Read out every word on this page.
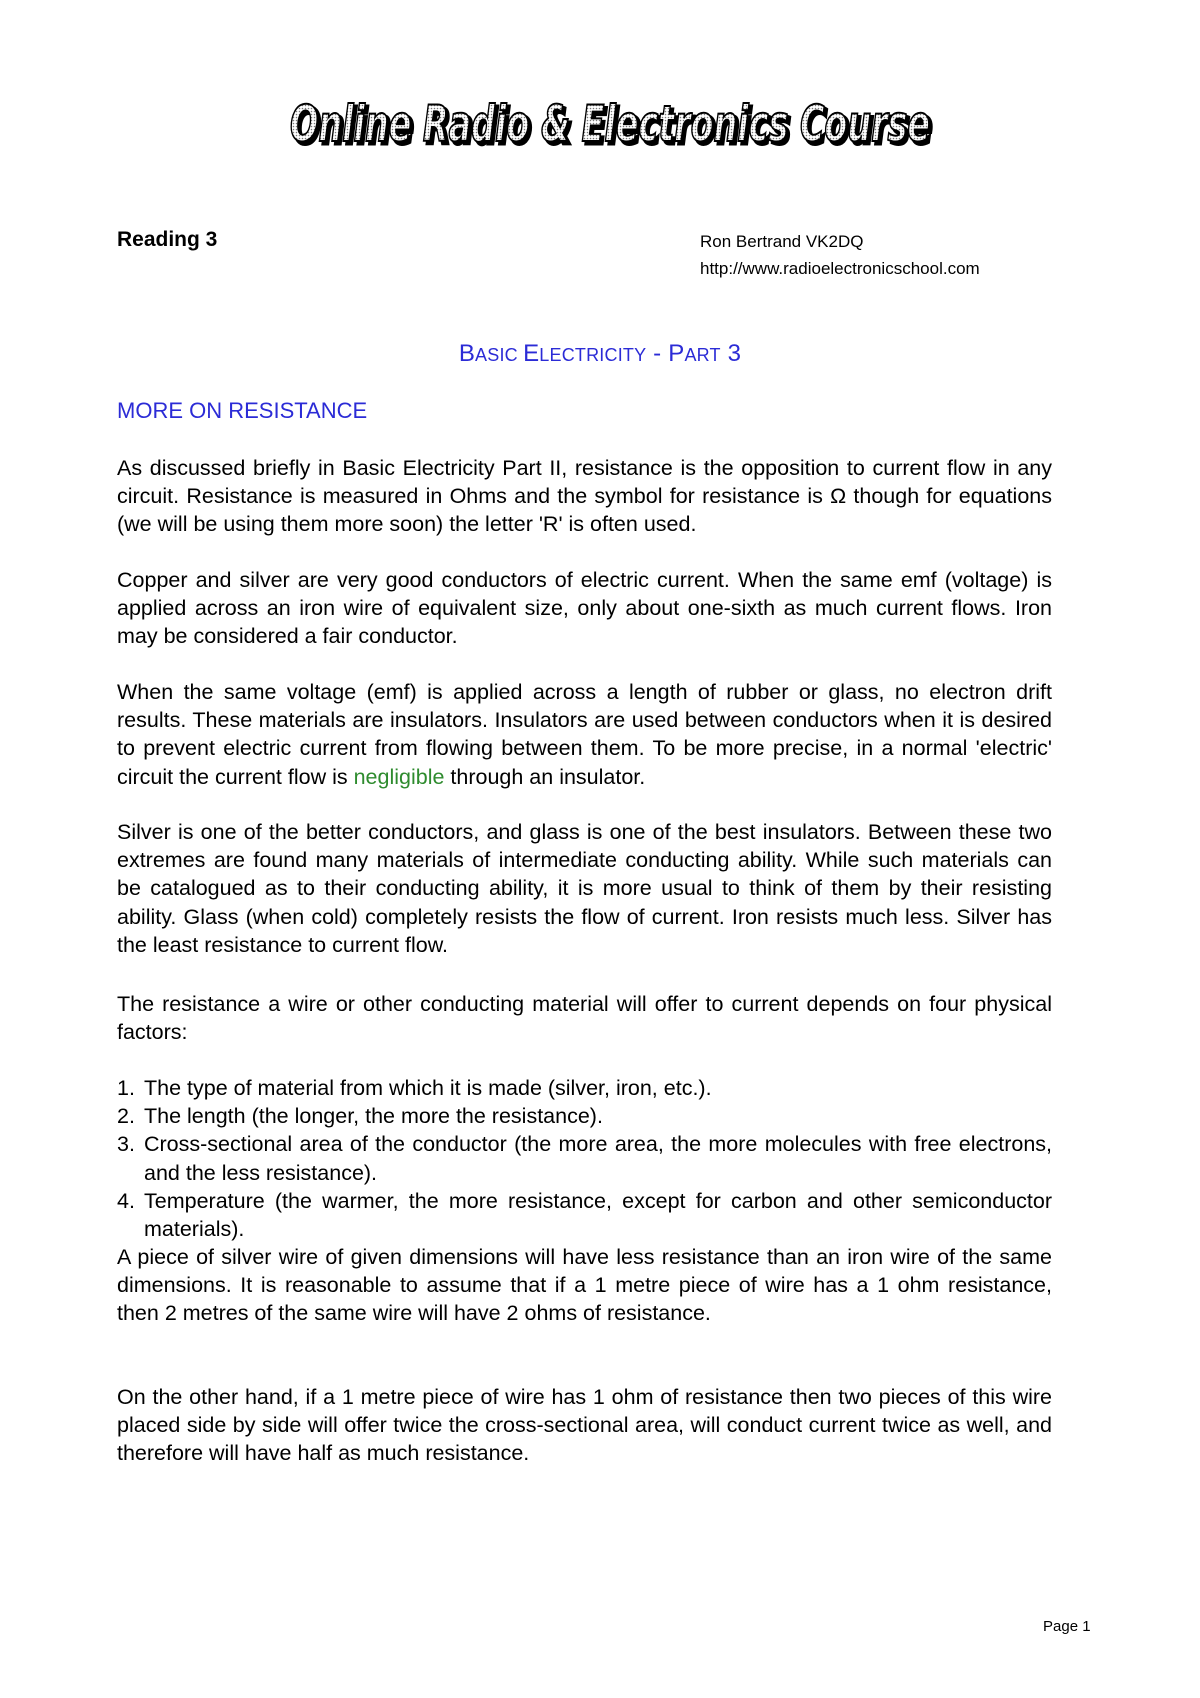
Online Radio & Electronics Course
Online Radio & Electronics Course
Reading 3	Ron Bertrand VK2DQ
http://www.radioelectronicschool.com
BASIC ELECTRICITY - PART 3
MORE ON RESISTANCE

As discussed briefly in Basic Electricity Part II, resistance is the opposition to current flow in any circuit. Resistance is measured in Ohms and the symbol for resistance is Ω though for equations (we will be using them more soon) the letter 'R' is often used.

Copper and silver are very good conductors of electric current. When the same emf (voltage) is applied across an iron wire of equivalent size, only about one-sixth as much current flows. Iron may be considered a fair conductor.

When the same voltage (emf) is applied across a length of rubber or glass, no electron drift results. These materials are insulators. Insulators are used between conductors when it is desired to prevent electric current from flowing between them. To be more precise, in a normal 'electric' circuit the current flow is negligible through an insulator.

Silver is one of the better conductors, and glass is one of the best insulators. Between these two extremes are found many materials of intermediate conducting ability. While such materials can be catalogued as to their conducting ability, it is more usual to think of them by their resisting ability. Glass (when cold) completely resists the flow of current. Iron resists much less. Silver has the least resistance to current flow.

The resistance a wire or other conducting material will offer to current depends on four physical factors:

1. The type of material from which it is made (silver, iron, etc.).
2. The length (the longer, the more the resistance).
3. Cross-sectional area of the conductor (the more area, the more molecules with free electrons, and the less resistance).
4. Temperature (the warmer, the more resistance, except for carbon and other semiconductor materials).

A piece of silver wire of given dimensions will have less resistance than an iron wire of the same dimensions. It is reasonable to assume that if a 1 metre piece of wire has a 1 ohm resistance, then 2 metres of the same wire will have 2 ohms of resistance.

On the other hand, if a 1 metre piece of wire has 1 ohm of resistance then two pieces of this wire placed side by side will offer twice the cross-sectional area, will conduct current twice as well, and therefore will have half as much resistance.

Page 1
